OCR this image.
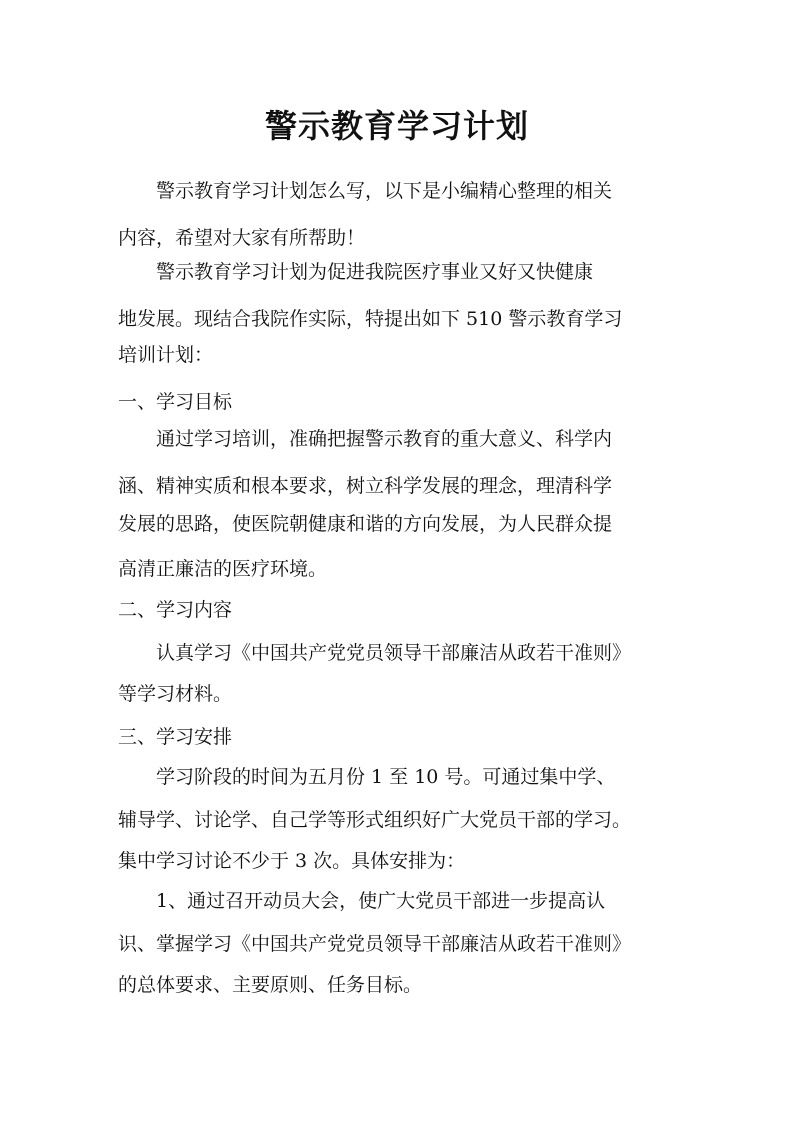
警示教育学习计划
　　警示教育学习计划怎么写，以下是小编精心整理的相关
内容，希望对大家有所帮助！
　　警示教育学习计划为促进我院医疗事业又好又快健康
地发展。现结合我院作实际，特提出如下 510 警示教育学习
培训计划：
一、学习目标
　　通过学习培训，准确把握警示教育的重大意义、科学内
涵、精神实质和根本要求，树立科学发展的理念，理清科学
发展的思路，使医院朝健康和谐的方向发展，为人民群众提
高清正廉洁的医疗环境。
二、学习内容
　　认真学习《中国共产党党员领导干部廉洁从政若干准则》
等学习材料。
三、学习安排
　　学习阶段的时间为五月份 1 至 10 号。可通过集中学、
辅导学、讨论学、自己学等形式组织好广大党员干部的学习。
集中学习讨论不少于 3 次。具体安排为：
　　1、通过召开动员大会，使广大党员干部进一步提高认
识、掌握学习《中国共产党党员领导干部廉洁从政若干准则》
的总体要求、主要原则、任务目标。
